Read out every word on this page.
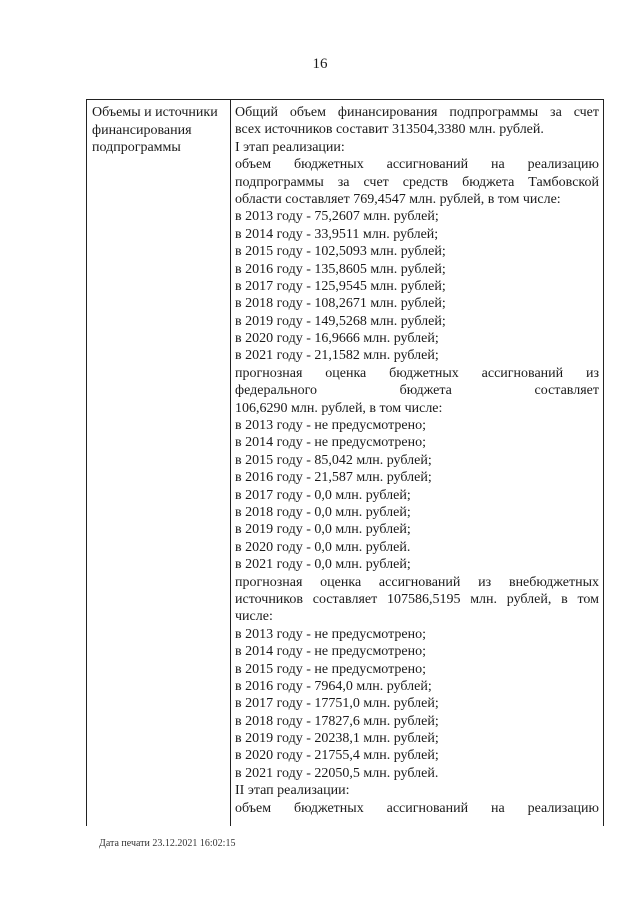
16
Объемы и источники
финансирования
подпрограммы
Общий объем финансирования подпрограммы за счет
всех источников составит 313504,3380 млн. рублей.
I этап реализации:
объем бюджетных ассигнований на реализацию
подпрограммы за счет средств бюджета Тамбовской
области составляет 769,4547 млн. рублей, в том числе:
в 2013 году - 75,2607 млн. рублей;
в 2014 году - 33,9511 млн. рублей;
в 2015 году - 102,5093 млн. рублей;
в 2016 году - 135,8605 млн. рублей;
в 2017 году - 125,9545 млн. рублей;
в 2018 году - 108,2671 млн. рублей;
в 2019 году - 149,5268 млн. рублей;
в 2020 году - 16,9666 млн. рублей;
в 2021 году - 21,1582 млн. рублей;
прогнозная оценка бюджетных ассигнований из
федерального бюджета составляет
106,6290 млн. рублей, в том числе:
в 2013 году - не предусмотрено;
в 2014 году - не предусмотрено;
в 2015 году - 85,042 млн. рублей;
в 2016 году - 21,587 млн. рублей;
в 2017 году - 0,0 млн. рублей;
в 2018 году - 0,0 млн. рублей;
в 2019 году - 0,0 млн. рублей;
в 2020 году - 0,0 млн. рублей.
в 2021 году - 0,0 млн. рублей;
прогнозная оценка ассигнований из внебюджетных
источников составляет 107586,5195 млн. рублей, в том
числе:
в 2013 году - не предусмотрено;
в 2014 году - не предусмотрено;
в 2015 году - не предусмотрено;
в 2016 году - 7964,0 млн. рублей;
в 2017 году - 17751,0 млн. рублей;
в 2018 году - 17827,6 млн. рублей;
в 2019 году - 20238,1 млн. рублей;
в 2020 году - 21755,4 млн. рублей;
в 2021 году - 22050,5 млн. рублей.
II этап реализации:
объем бюджетных ассигнований на реализацию
Дата печати 23.12.2021 16:02:15
